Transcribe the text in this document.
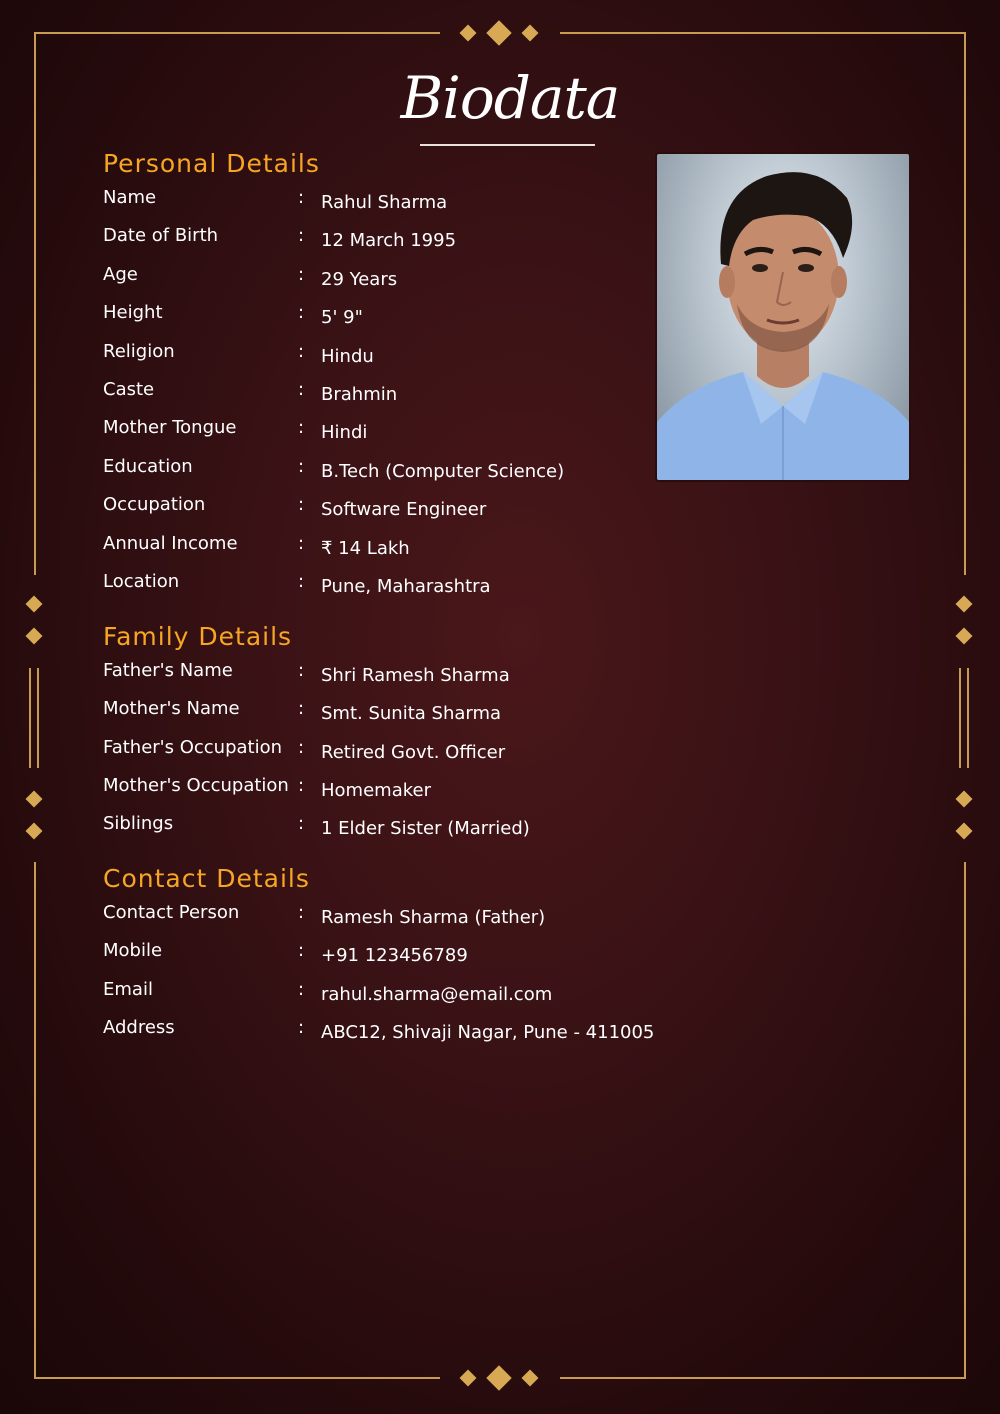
Biodata
Personal Details
Name	: Rahul Sharma
Date of Birth	: 12 March 1995
Age	: 29 Years
Height	: 5' 9"
Religion	: Hindu
Caste	: Brahmin
Mother Tongue	: Hindi
Education	: B.Tech (Computer Science)
Occupation	: Software Engineer
Annual Income	: ₹ 14 Lakh
Location	: Pune, Maharashtra
Family Details
Father's Name	: Shri Ramesh Sharma
Mother's Name	: Smt. Sunita Sharma
Father's Occupation : Retired Govt. Officer
Mother's Occupation : Homemaker
Siblings	: 1 Elder Sister (Married)
Contact Details
Contact Person	: Ramesh Sharma (Father)
Mobile	: +91 123456789
Email	: rahul.sharma@email.com
Address	: ABC12, Shivaji Nagar, Pune - 411005
